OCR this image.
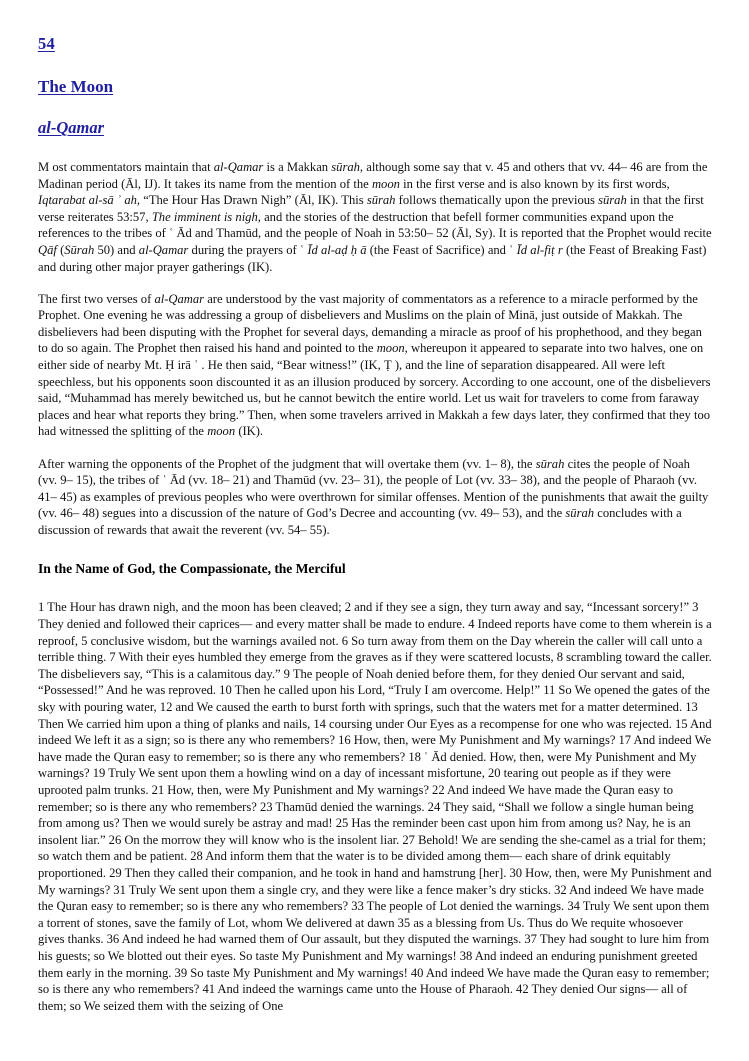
54
The Moon
al-Qamar

M ost commentators maintain that al-Qamar is a Makkan sūrah, although some say that v. 45 and others that vv. 44– 46 are from the Madinan period (Āl, IJ). It takes its name from the mention of the moon in the first verse and is also known by its first words, Iqtarabat al-sā ʾ ah, “The Hour Has Drawn Nigh” (Āl, IK). This sūrah follows thematically upon the previous sūrah in that the first verse reiterates 53:57, The imminent is nigh, and the stories of the destruction that befell former communities expand upon the references to the tribes of ʿ Ād and Thamūd, and the people of Noah in 53:50– 52 (Āl, Sy). It is reported that the Prophet would recite Qāf (Sūrah 50) and al-Qamar during the prayers of ʿ Īd al-aḍ ḥ ā (the Feast of Sacrifice) and ʿ Īd al-fiṭ r (the Feast of Breaking Fast) and during other major prayer gatherings (IK).

The first two verses of al-Qamar are understood by the vast majority of commentators as a reference to a miracle performed by the Prophet. One evening he was addressing a group of disbelievers and Muslims on the plain of Minā, just outside of Makkah. The disbelievers had been disputing with the Prophet for several days, demanding a miracle as proof of his prophethood, and they began to do so again. The Prophet then raised his hand and pointed to the moon, whereupon it appeared to separate into two halves, one on either side of nearby Mt. Ḥ irā ʾ . He then said, “Bear witness!” (IK, Ṭ ), and the line of separation disappeared. All were left speechless, but his opponents soon discounted it as an illusion produced by sorcery. According to one account, one of the disbelievers said, “Muhammad has merely bewitched us, but he cannot bewitch the entire world. Let us wait for travelers to come from faraway places and hear what reports they bring.” Then, when some travelers arrived in Makkah a few days later, they confirmed that they too had witnessed the splitting of the moon (IK).

After warning the opponents of the Prophet of the judgment that will overtake them (vv. 1– 8), the sūrah cites the people of Noah (vv. 9– 15), the tribes of ʿ Ād (vv. 18– 21) and Thamūd (vv. 23– 31), the people of Lot (vv. 33– 38), and the people of Pharaoh (vv. 41– 45) as examples of previous peoples who were overthrown for similar offenses. Mention of the punishments that await the guilty (vv. 46– 48) segues into a discussion of the nature of God’s Decree and accounting (vv. 49– 53), and the sūrah concludes with a discussion of rewards that await the reverent (vv. 54– 55).

In the Name of God, the Compassionate, the Merciful

1 The Hour has drawn nigh, and the moon has been cleaved; 2 and if they see a sign, they turn away and say, “Incessant sorcery!” 3 They denied and followed their caprices— and every matter shall be made to endure. 4 Indeed reports have come to them wherein is a reproof, 5 conclusive wisdom, but the warnings availed not. 6 So turn away from them on the Day wherein the caller will call unto a terrible thing. 7 With their eyes humbled they emerge from the graves as if they were scattered locusts, 8 scrambling toward the caller. The disbelievers say, “This is a calamitous day.” 9 The people of Noah denied before them, for they denied Our servant and said, “Possessed!” And he was reproved. 10 Then he called upon his Lord, “Truly I am overcome. Help!” 11 So We opened the gates of the sky with pouring water, 12 and We caused the earth to burst forth with springs, such that the waters met for a matter determined. 13 Then We carried him upon a thing of planks and nails, 14 coursing under Our Eyes as a recompense for one who was rejected. 15 And indeed We left it as a sign; so is there any who remembers? 16 How, then, were My Punishment and My warnings? 17 And indeed We have made the Quran easy to remember; so is there any who remembers? 18 ʿ Ād denied. How, then, were My Punishment and My warnings? 19 Truly We sent upon them a howling wind on a day of incessant misfortune, 20 tearing out people as if they were uprooted palm trunks. 21 How, then, were My Punishment and My warnings? 22 And indeed We have made the Quran easy to remember; so is there any who remembers? 23 Thamūd denied the warnings. 24 They said, “Shall we follow a single human being from among us? Then we would surely be astray and mad! 25 Has the reminder been cast upon him from among us? Nay, he is an insolent liar.” 26 On the morrow they will know who is the insolent liar. 27 Behold! We are sending the she-camel as a trial for them; so watch them and be patient. 28 And inform them that the water is to be divided among them— each share of drink equitably proportioned. 29 Then they called their companion, and he took in hand and hamstrung [her]. 30 How, then, were My Punishment and My warnings? 31 Truly We sent upon them a single cry, and they were like a fence maker’s dry sticks. 32 And indeed We have made the Quran easy to remember; so is there any who remembers? 33 The people of Lot denied the warnings. 34 Truly We sent upon them a torrent of stones, save the family of Lot, whom We delivered at dawn 35 as a blessing from Us. Thus do We requite whosoever gives thanks. 36 And indeed he had warned them of Our assault, but they disputed the warnings. 37 They had sought to lure him from his guests; so We blotted out their eyes. So taste My Punishment and My warnings! 38 And indeed an enduring punishment greeted them early in the morning. 39 So taste My Punishment and My warnings! 40 And indeed We have made the Quran easy to remember; so is there any who remembers? 41 And indeed the warnings came unto the House of Pharaoh. 42 They denied Our signs— all of them; so We seized them with the seizing of One
